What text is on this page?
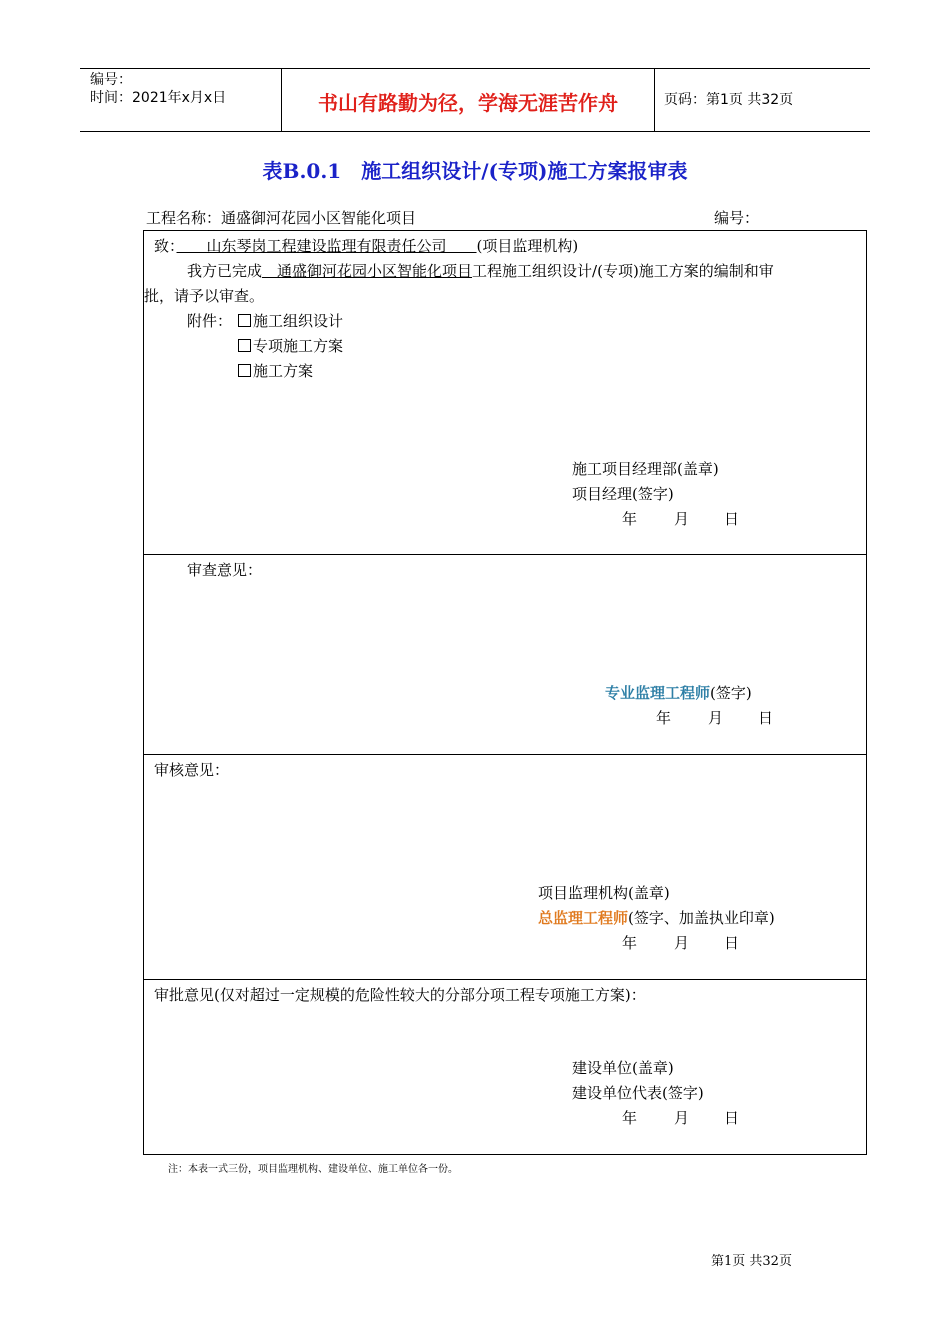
编号：
时间：2021年x月x日	书山有路勤为径，学海无涯苦作舟	页码：第1页 共32页
表B.0.1　施工组织设计/(专项)施工方案报审表
工程名称：通盛御河花园小区智能化项目	编号：
致：　　山东琴岗工程建设监理有限责任公司　　(项目监理机构)
我方已完成　通盛御河花园小区智能化项目工程施工组织设计/(专项)施工方案的编制和审
批，请予以审查。
附件：	施工组织设计
专项施工方案
施工方案
施工项目经理部(盖章)
项目经理(签字)
年 月 日
审查意见：
专业监理工程师(签字)
年 月 日
审核意见：
项目监理机构(盖章)
总监理工程师(签字、加盖执业印章)
年 月 日
审批意见(仅对超过一定规模的危险性较大的分部分项工程专项施工方案)：
建设单位(盖章)
建设单位代表(签字)
年 月 日
注：本表一式三份，项目监理机构、建设单位、施工单位各一份。
第1页 共32页
